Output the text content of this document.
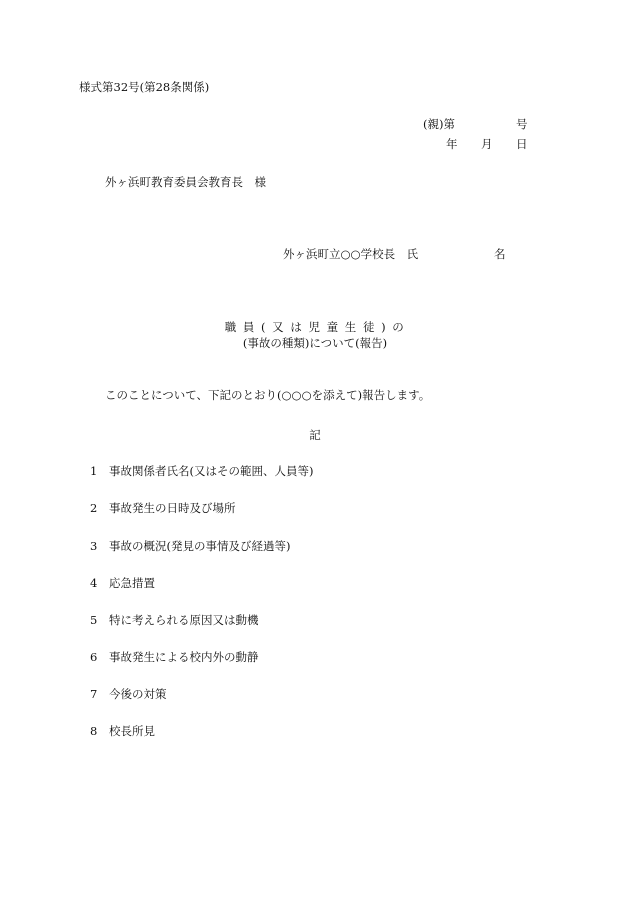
様式第32号(第28条関係)
(親)第	号
年 月 日
外ヶ浜町教育委員会教育長　様
外ヶ浜町立○○学校長　氏	名
職 員 ( 又 は 児 童 生 徒 ) の
(事故の種類)について(報告)
このことについて、下記のとおり(○○○を添えて)報告します。
記
1 事故関係者氏名(又はその範囲、人員等)
2 事故発生の日時及び場所
3 事故の概況(発見の事情及び経過等)
4 応急措置
5 特に考えられる原因又は動機
6 事故発生による校内外の動静
7 今後の対策
8 校長所見
